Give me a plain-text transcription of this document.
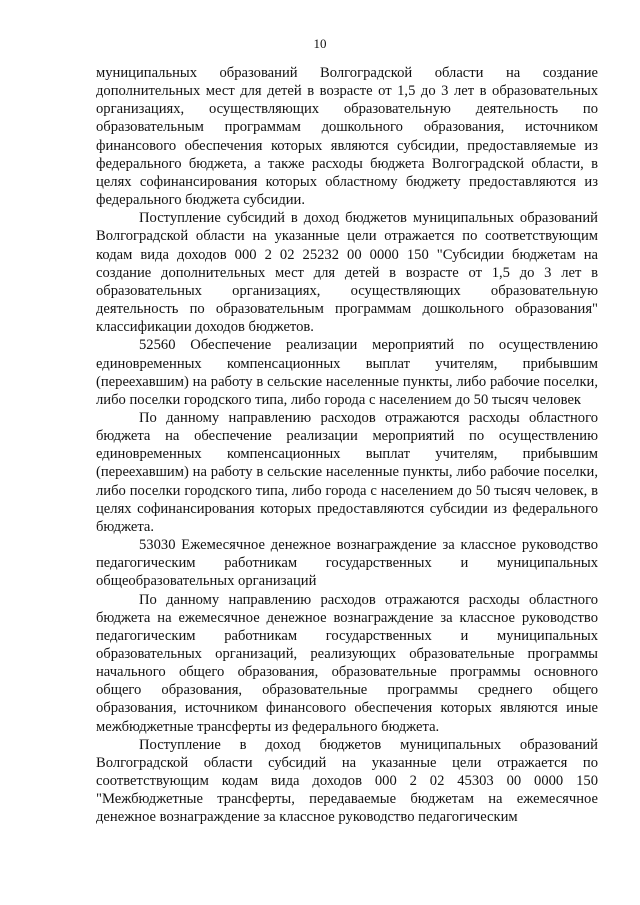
10

муниципальных образований Волгоградской области на создание дополнительных мест для детей в возрасте от 1,5 до 3 лет в образовательных организациях, осуществляющих образовательную деятельность по образовательным программам дошкольного образования, источником финансового обеспечения которых являются субсидии, предоставляемые из федерального бюджета, а также расходы бюджета Волгоградской области, в целях софинансирования которых областному бюджету предоставляются из федерального бюджета субсидии.

Поступление субсидий в доход бюджетов муниципальных образований Волгоградской области на указанные цели отражается по соответствующим кодам вида доходов 000 2 02 25232 00 0000 150 "Субсидии бюджетам на создание дополнительных мест для детей в возрасте от 1,5 до 3 лет в образовательных организациях, осуществляющих образовательную деятельность по образовательным программам дошкольного образования" классификации доходов бюджетов.

52560 Обеспечение реализации мероприятий по осуществлению единовременных компенсационных выплат учителям, прибывшим (переехавшим) на работу в сельские населенные пункты, либо рабочие поселки, либо поселки городского типа, либо города с населением до 50 тысяч человек

По данному направлению расходов отражаются расходы областного бюджета на обеспечение реализации мероприятий по осуществлению единовременных компенсационных выплат учителям, прибывшим (переехавшим) на работу в сельские населенные пункты, либо рабочие поселки, либо поселки городского типа, либо города с населением до 50 тысяч человек, в целях софинансирования которых предоставляются субсидии из федерального бюджета.

53030 Ежемесячное денежное вознаграждение за классное руководство педагогическим работникам государственных и муниципальных общеобразовательных организаций

По данному направлению расходов отражаются расходы областного бюджета на ежемесячное денежное вознаграждение за классное руководство педагогическим работникам государственных и муниципальных образовательных организаций, реализующих образовательные программы начального общего образования, образовательные программы основного общего образования, образовательные программы среднего общего образования, источником финансового обеспечения которых являются иные межбюджетные трансферты из федерального бюджета.

Поступление в доход бюджетов муниципальных образований Волгоградской области субсидий на указанные цели отражается по соответствующим кодам вида доходов 000 2 02 45303 00 0000 150 "Межбюджетные трансферты, передаваемые бюджетам на ежемесячное денежное вознаграждение за классное руководство педагогическим
